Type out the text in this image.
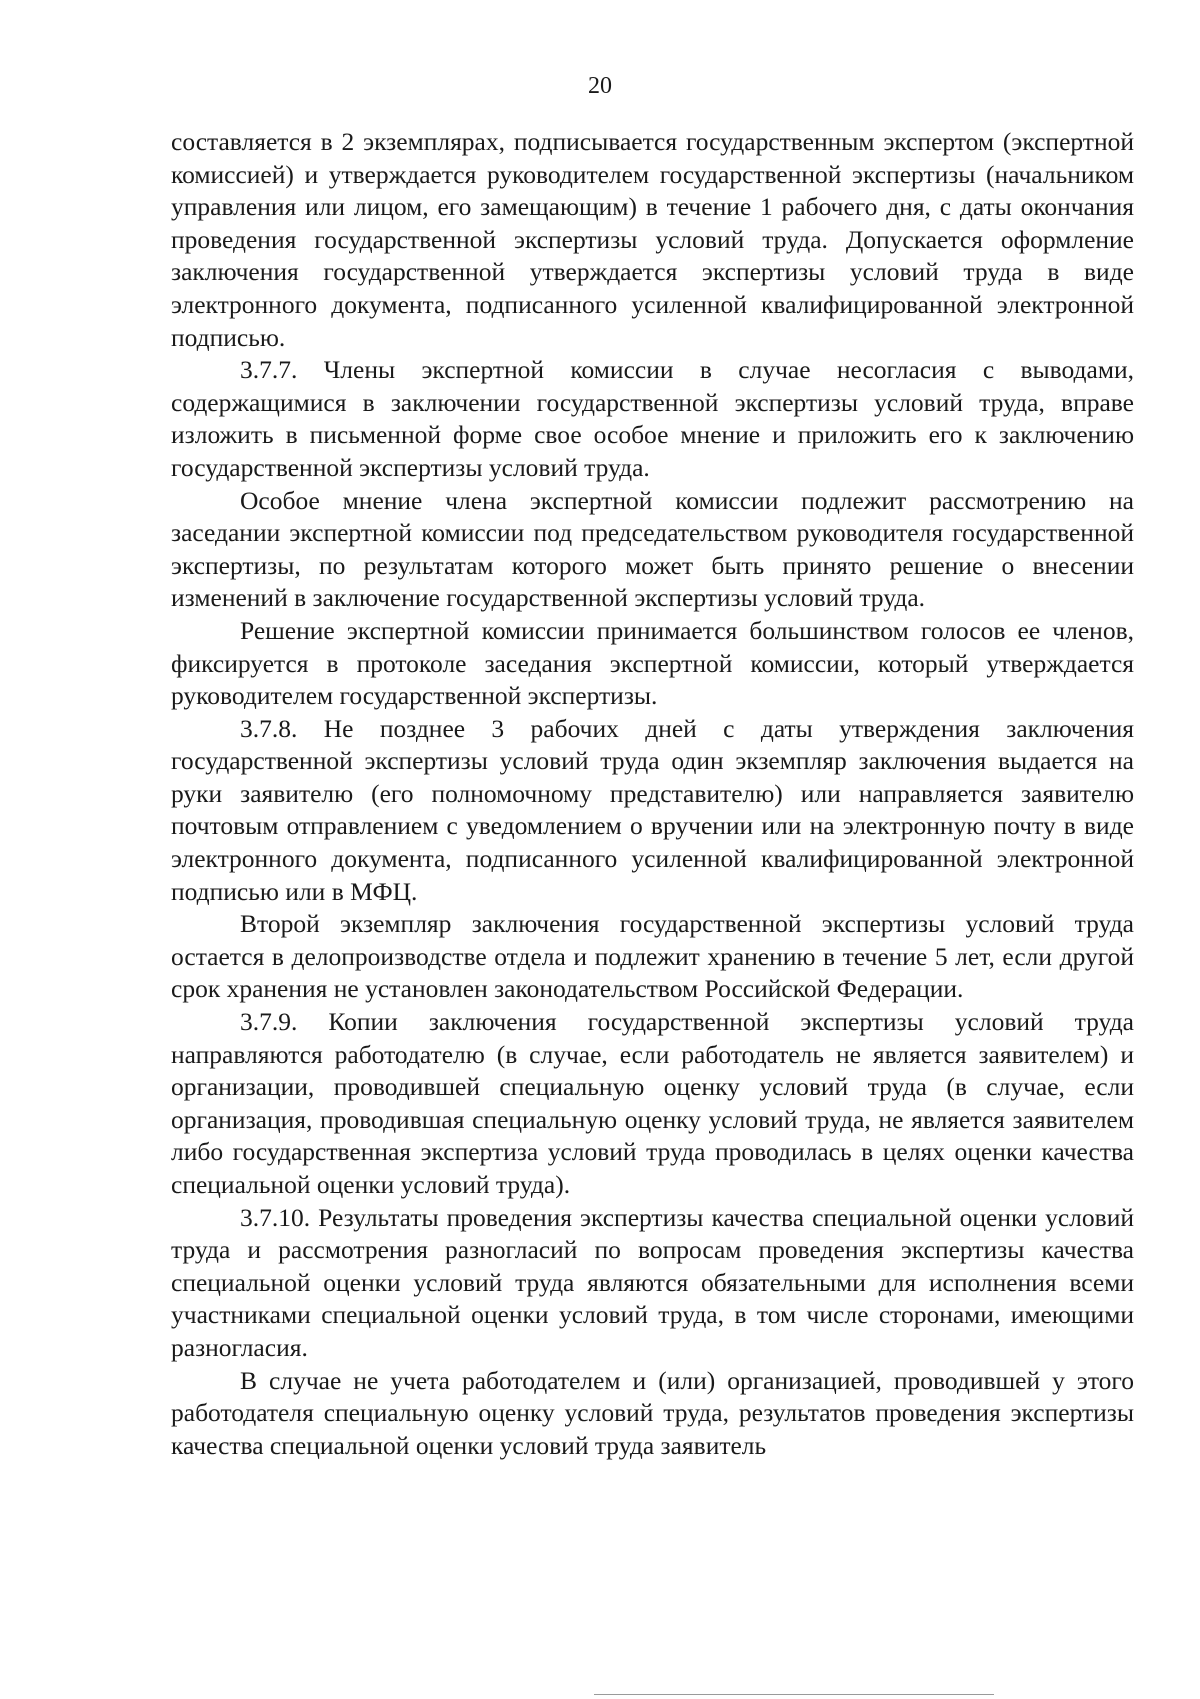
20

составляется в 2 экземплярах, подписывается государственным экспертом (экспертной комиссией) и утверждается руководителем государственной экспертизы (начальником управления или лицом, его замещающим) в течение 1 рабочего дня, с даты окончания проведения государственной экспертизы условий труда. Допускается оформление заключения государственной утверждается экспертизы условий труда в виде электронного документа, подписанного усиленной квалифицированной электронной подписью.

3.7.7. Члены экспертной комиссии в случае несогласия с выводами, содержащимися в заключении государственной экспертизы условий труда, вправе изложить в письменной форме свое особое мнение и приложить его к заключению государственной экспертизы условий труда.

Особое мнение члена экспертной комиссии подлежит рассмотрению на заседании экспертной комиссии под председательством руководителя государственной экспертизы, по результатам которого может быть принято решение о внесении изменений в заключение государственной экспертизы условий труда.

Решение экспертной комиссии принимается большинством голосов ее членов, фиксируется в протоколе заседания экспертной комиссии, который утверждается руководителем государственной экспертизы.

3.7.8. Не позднее 3 рабочих дней с даты утверждения заключения государственной экспертизы условий труда один экземпляр заключения выдается на руки заявителю (его полномочному представителю) или направляется заявителю почтовым отправлением с уведомлением о вручении или на электронную почту в виде электронного документа, подписанного усиленной квалифицированной электронной подписью или в МФЦ.

Второй экземпляр заключения государственной экспертизы условий труда остается в делопроизводстве отдела и подлежит хранению в течение 5 лет, если другой срок хранения не установлен законодательством Российской Федерации.

3.7.9. Копии заключения государственной экспертизы условий труда направляются работодателю (в случае, если работодатель не является заявителем) и организации, проводившей специальную оценку условий труда (в случае, если организация, проводившая специальную оценку условий труда, не является заявителем либо государственная экспертиза условий труда проводилась в целях оценки качества специальной оценки условий труда).

3.7.10. Результаты проведения экспертизы качества специальной оценки условий труда и рассмотрения разногласий по вопросам проведения экспертизы качества специальной оценки условий труда являются обязательными для исполнения всеми участниками специальной оценки условий труда, в том числе сторонами, имеющими разногласия.

В случае не учета работодателем и (или) организацией, проводившей у этого работодателя специальную оценку условий труда, результатов проведения экспертизы качества специальной оценки условий труда заявитель
